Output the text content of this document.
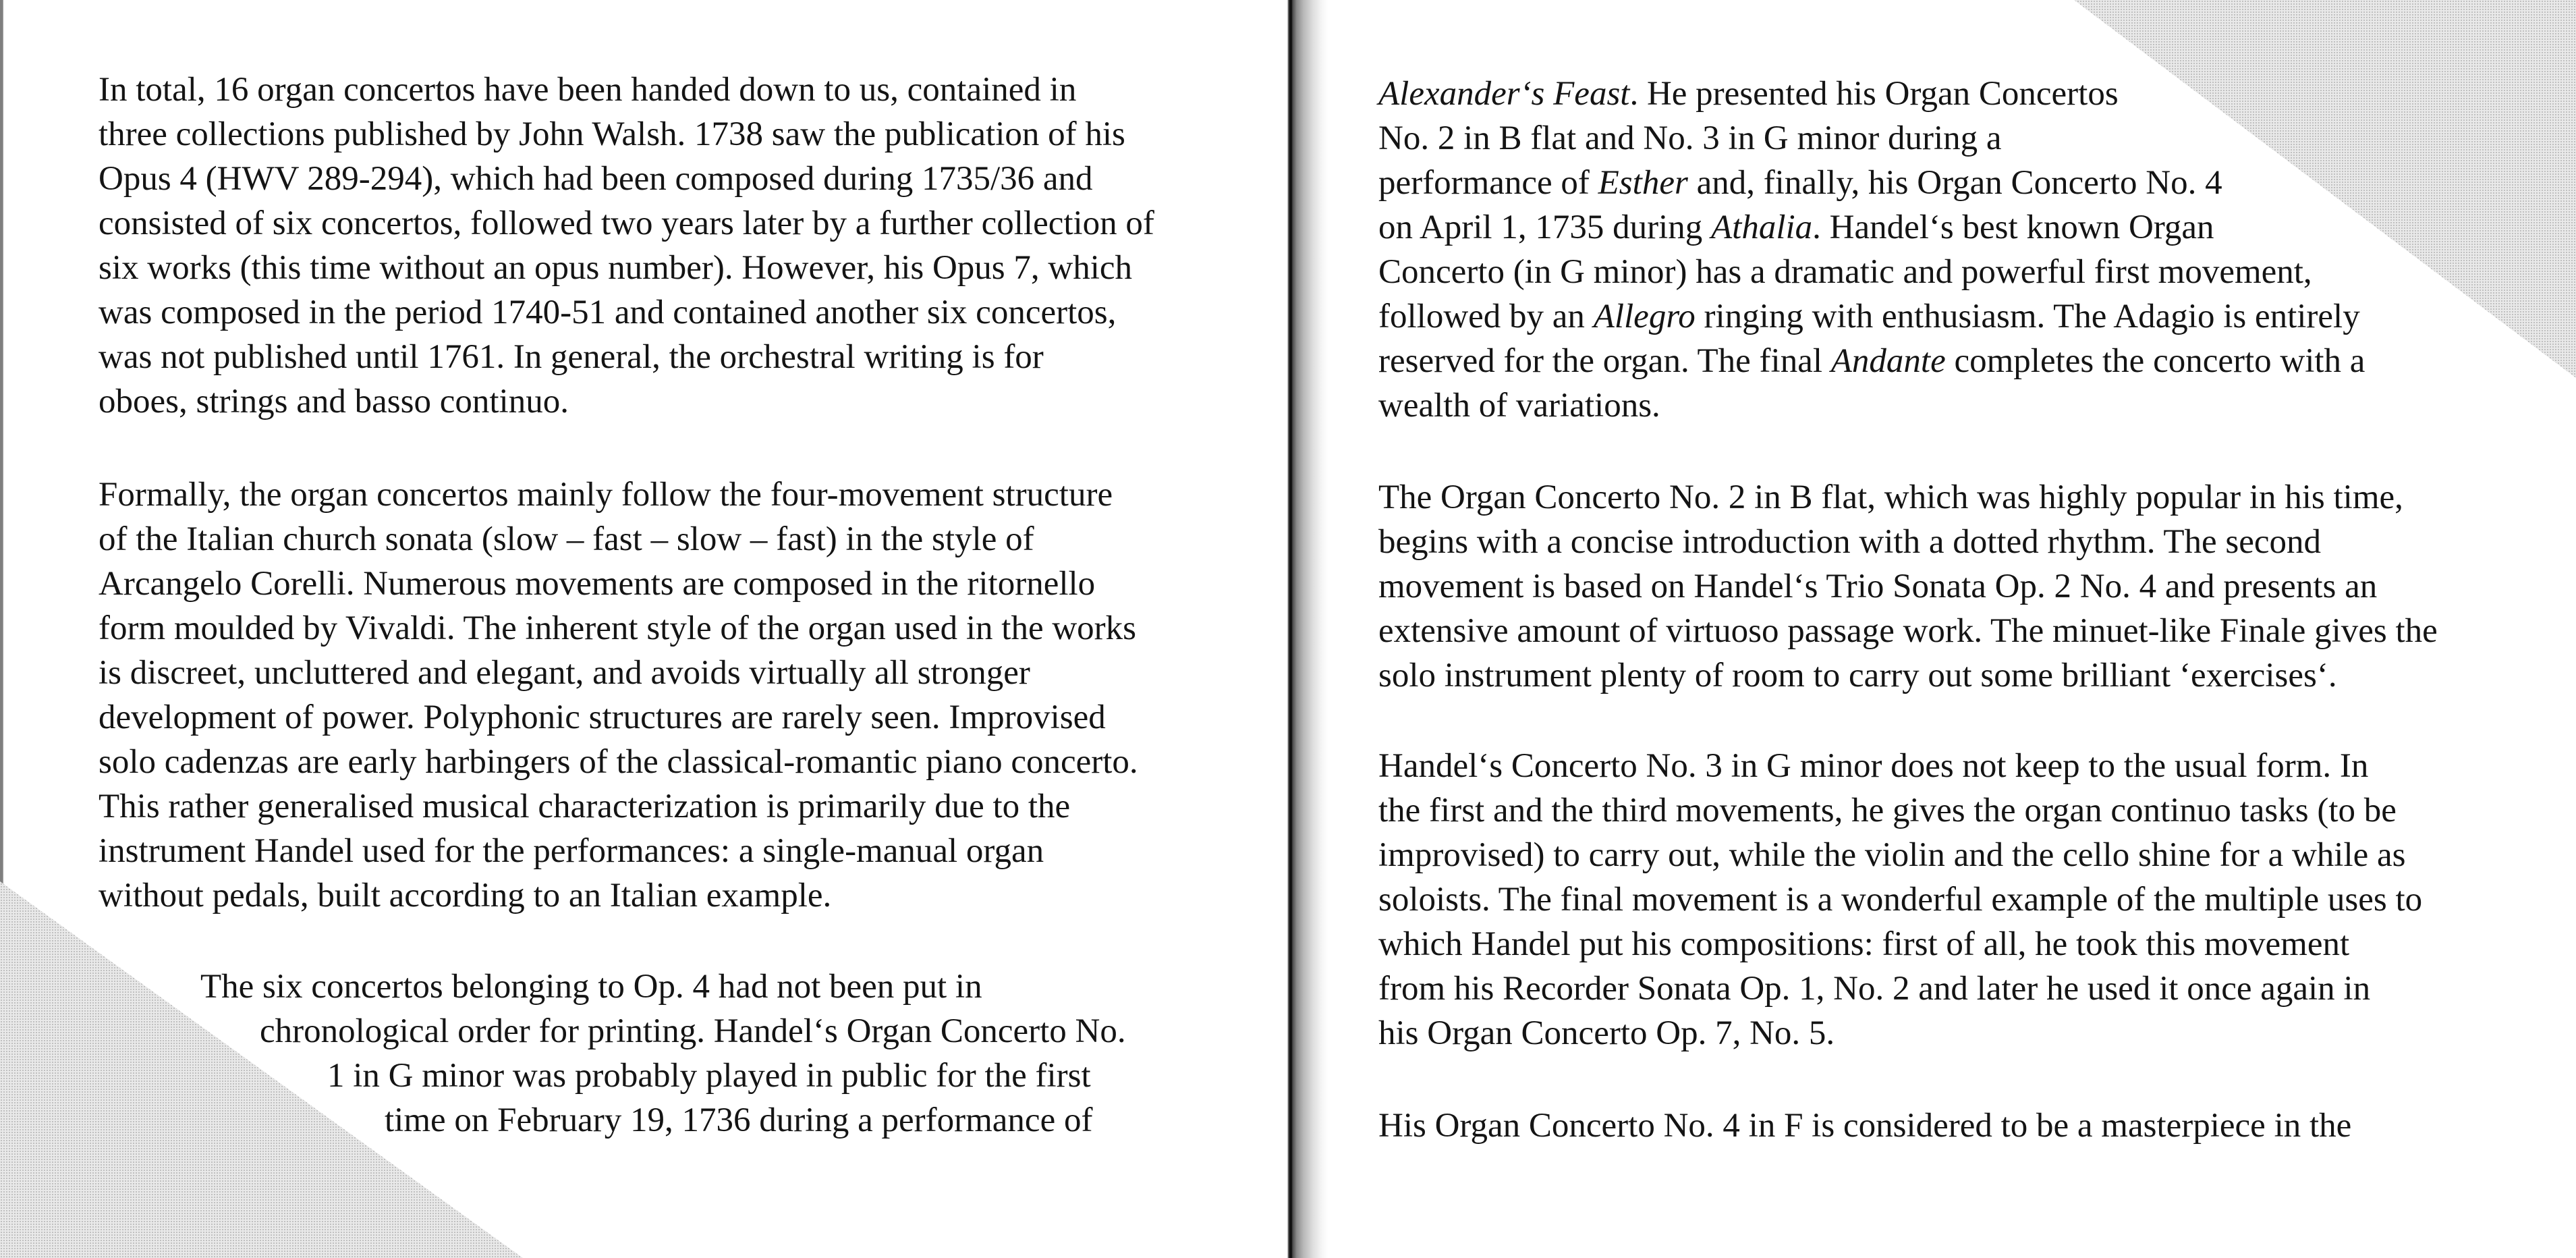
In total, 16 organ concertos have been handed down to us, contained in
three collections published by John Walsh. 1738 saw the publication of his
Opus 4 (HWV 289-294), which had been composed during 1735/36 and
consisted of six concertos, followed two years later by a further collection of
six works (this time without an opus number). However, his Opus 7, which
was composed in the period 1740-51 and contained another six concertos,
was not published until 1761. In general, the orchestral writing is for
oboes, strings and basso continuo.
Formally, the organ concertos mainly follow the four-movement structure
of the Italian church sonata (slow – fast – slow – fast) in the style of
Arcangelo Corelli. Numerous movements are composed in the ritornello
form moulded by Vivaldi. The inherent style of the organ used in the works
is discreet, uncluttered and elegant, and avoids virtually all stronger
development of power. Polyphonic structures are rarely seen. Improvised
solo cadenzas are early harbingers of the classical-romantic piano concerto.
This rather generalised musical characterization is primarily due to the
instrument Handel used for the performances: a single-manual organ
without pedals, built according to an Italian example.
The six concertos belonging to Op. 4 had not been put in
chronological order for printing. Handel‘s Organ Concerto No.
1 in G minor was probably played in public for the first
time on February 19, 1736 during a performance of
Alexander‘s Feast. He presented his Organ Concertos
No. 2 in B flat and No. 3 in G minor during a
performance of Esther and, finally, his Organ Concerto No. 4
on April 1, 1735 during Athalia. Handel‘s best known Organ
Concerto (in G minor) has a dramatic and powerful first movement,
followed by an Allegro ringing with enthusiasm. The Adagio is entirely
reserved for the organ. The final Andante completes the concerto with a
wealth of variations.
The Organ Concerto No. 2 in B flat, which was highly popular in his time,
begins with a concise introduction with a dotted rhythm. The second
movement is based on Handel‘s Trio Sonata Op. 2 No. 4 and presents an
extensive amount of virtuoso passage work. The minuet-like Finale gives the
solo instrument plenty of room to carry out some brilliant ‘exercises‘.
Handel‘s Concerto No. 3 in G minor does not keep to the usual form. In
the first and the third movements, he gives the organ continuo tasks (to be
improvised) to carry out, while the violin and the cello shine for a while as
soloists. The final movement is a wonderful example of the multiple uses to
which Handel put his compositions: first of all, he took this movement
from his Recorder Sonata Op. 1, No. 2 and later he used it once again in
his Organ Concerto Op. 7, No. 5.
His Organ Concerto No. 4 in F is considered to be a masterpiece in the
